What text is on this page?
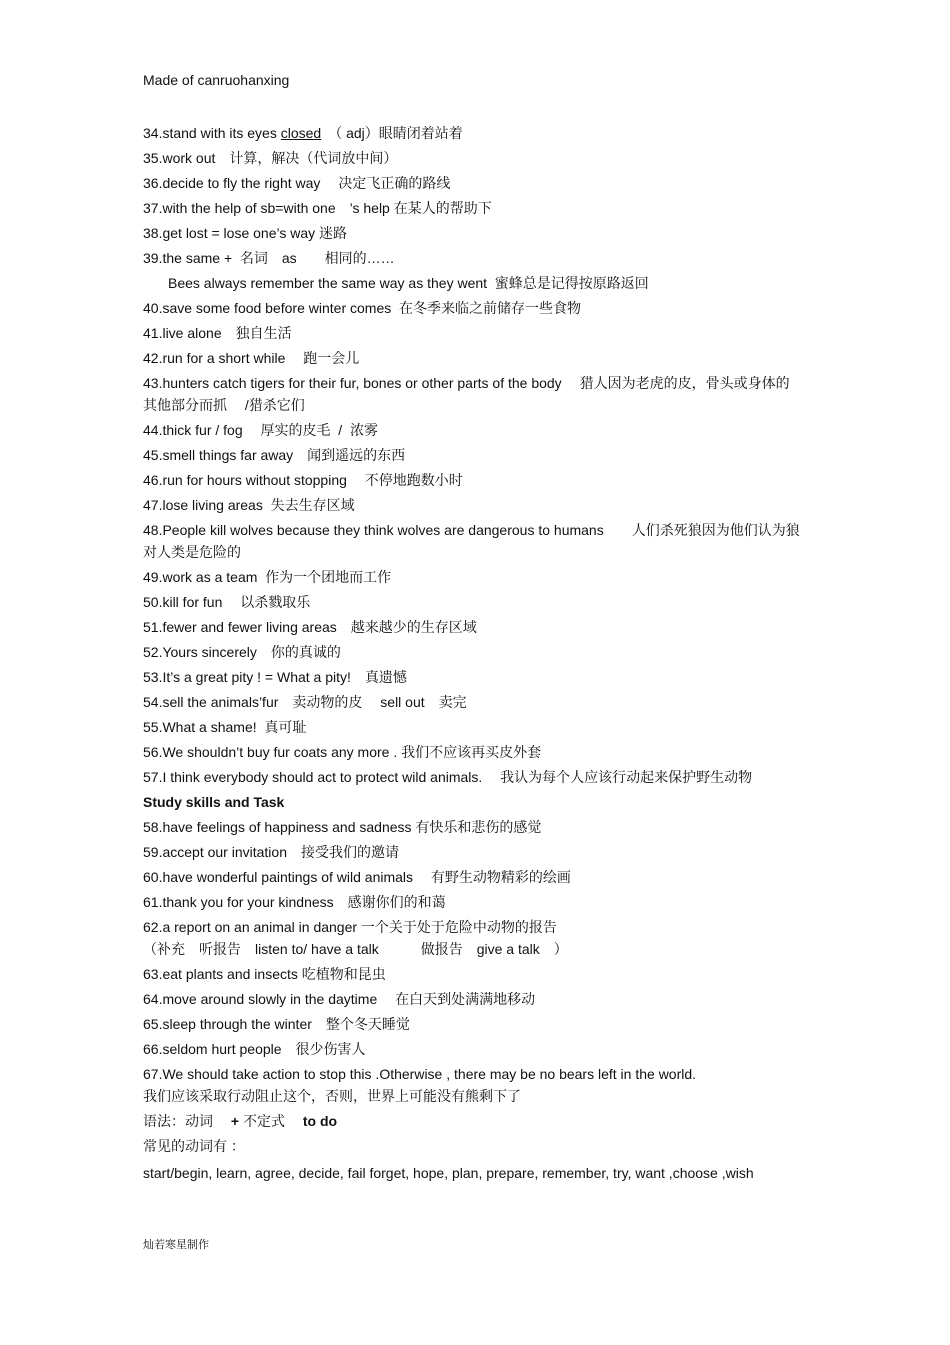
Made of canruohanxing

34.stand with its eyes closed　（ adj）眼睛闭着站着

35.work out　计算，解决（代词放中间）

36.decide to fly the right way　 决定飞正确的路线

37.with the help of sb=with one　’s help 在某人的帮助下

38.get lost = lose one’s way 迷路

39.the same +  名词　as　　相同的……

Bees always remember the same way as they went  蜜蜂总是记得按原路返回

40.save some food before winter comes  在冬季来临之前储存一些食物

41.live alone　独自生活

42.run for a short while　 跑一会儿

43.hunters catch tigers for their fur, bones or other parts of the body　 猎人因为老虎的皮，骨头或身体的其他部分而抓　 /猎杀它们

44.thick fur / fog　 厚实的皮毛  /  浓雾

45.smell things far away　闻到遥远的东西

46.run for hours without stopping　 不停地跑数小时

47.lose living areas  失去生存区域

48.People kill wolves because they think wolves are dangerous to humans　　人们杀死狼因为他们认为狼对人类是危险的

49.work as a team  作为一个团地而工作

50.kill for fun　 以杀戮取乐

51.fewer and fewer living areas　越来越少的生存区域

52.Yours sincerely　你的真诚的

53.It’s a great pity ! = What a pity!　真遗憾

54.sell the animals’fur　卖动物的皮　 sell out　卖完

55.What a shame!  真可耻

56.We shouldn’t buy fur coats any more . 我们不应该再买皮外套

57.I think everybody should act to protect wild animals.　 我认为每个人应该行动起来保护野生动物

Study skills and Task

58.have feelings of happiness and sadness 有快乐和悲伤的感觉

59.accept our invitation　接受我们的邀请

60.have wonderful paintings of wild animals　 有野生动物精彩的绘画

61.thank you for your kindness　感谢你们的和蔼

62.a report on an animal in danger 一个关于处于危险中动物的报告

（补充　听报告　listen to/ have a talk　　　做报告　give a talk　）

63.eat plants and insects 吃植物和昆虫

64.move around slowly in the daytime　 在白天到处满满地移动

65.sleep through the winter　整个冬天睡觉

66.seldom hurt people　很少伤害人

67.We should take action to stop this .Otherwise , there may be no bears left in the world.

我们应该采取行动阻止这个，否则，世界上可能没有熊剩下了

语法：动词　 + 不定式　 to do

常见的动词有 ：

start/begin, learn, agree, decide, fail forget, hope, plan, prepare, remember, try, want ,choose ,wish

灿若寒星制作
